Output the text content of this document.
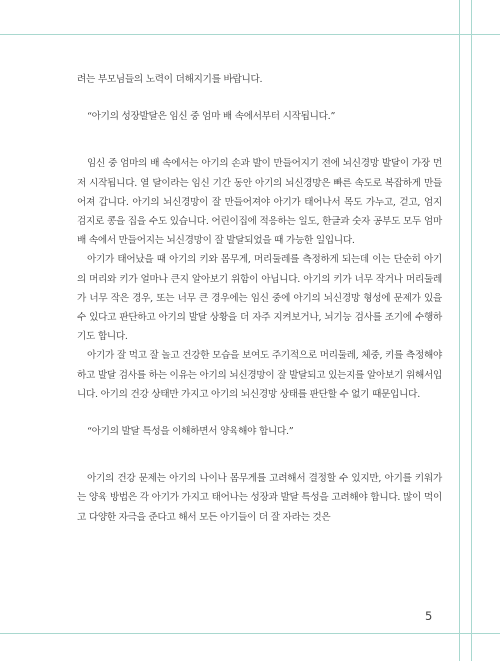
려는 부모님들의 노력이 더해지기를 바랍니다.

“아기의 성장발달은 임신 중 엄마 배 속에서부터 시작됩니다.”

임신 중 엄마의 배 속에서는 아기의 손과 발이 만들어지기 전에 뇌신경망 발달이 가장 먼저 시작됩니다. 열 달이라는 임신 기간 동안 아기의 뇌신경망은 빠른 속도로 복잡하게 만들어져 갑니다. 아기의 뇌신경망이 잘 만들어져야 아기가 태어나서 목도 가누고, 걷고, 엄지 검지로 콩을 집을 수도 있습니다. 어린이집에 적응하는 일도, 한글과 숫자 공부도 모두 엄마 배 속에서 만들어지는 뇌신경망이 잘 발달되었을 때 가능한 일입니다.

아기가 태어났을 때 아기의 키와 몸무게, 머리둘레를 측정하게 되는데 이는 단순히 아기의 머리와 키가 얼마나 큰지 알아보기 위함이 아닙니다. 아기의 키가 너무 작거나 머리둘레가 너무 작은 경우, 또는 너무 큰 경우에는 임신 중에 아기의 뇌신경망 형성에 문제가 있을 수 있다고 판단하고 아기의 발달 상황을 더 자주 지켜보거나, 뇌기능 검사를 조기에 수행하기도 합니다.

아기가 잘 먹고 잘 놀고 건강한 모습을 보여도 주기적으로 머리둘레, 체중, 키를 측정해야 하고 발달 검사를 하는 이유는 아기의 뇌신경망이 잘 발달되고 있는지를 알아보기 위해서입니다. 아기의 건강 상태만 가지고 아기의 뇌신경망 상태를 판단할 수 없기 때문입니다.

“아기의 발달 특성을 이해하면서 양육해야 합니다.”

아기의 건강 문제는 아기의 나이나 몸무게를 고려해서 결정할 수 있지만, 아기를 키워가는 양육 방법은 각 아기가 가지고 태어나는 성장과 발달 특성을 고려해야 합니다. 많이 먹이고 다양한 자극을 준다고 해서 모든 아기들이 더 잘 자라는 것은

5
